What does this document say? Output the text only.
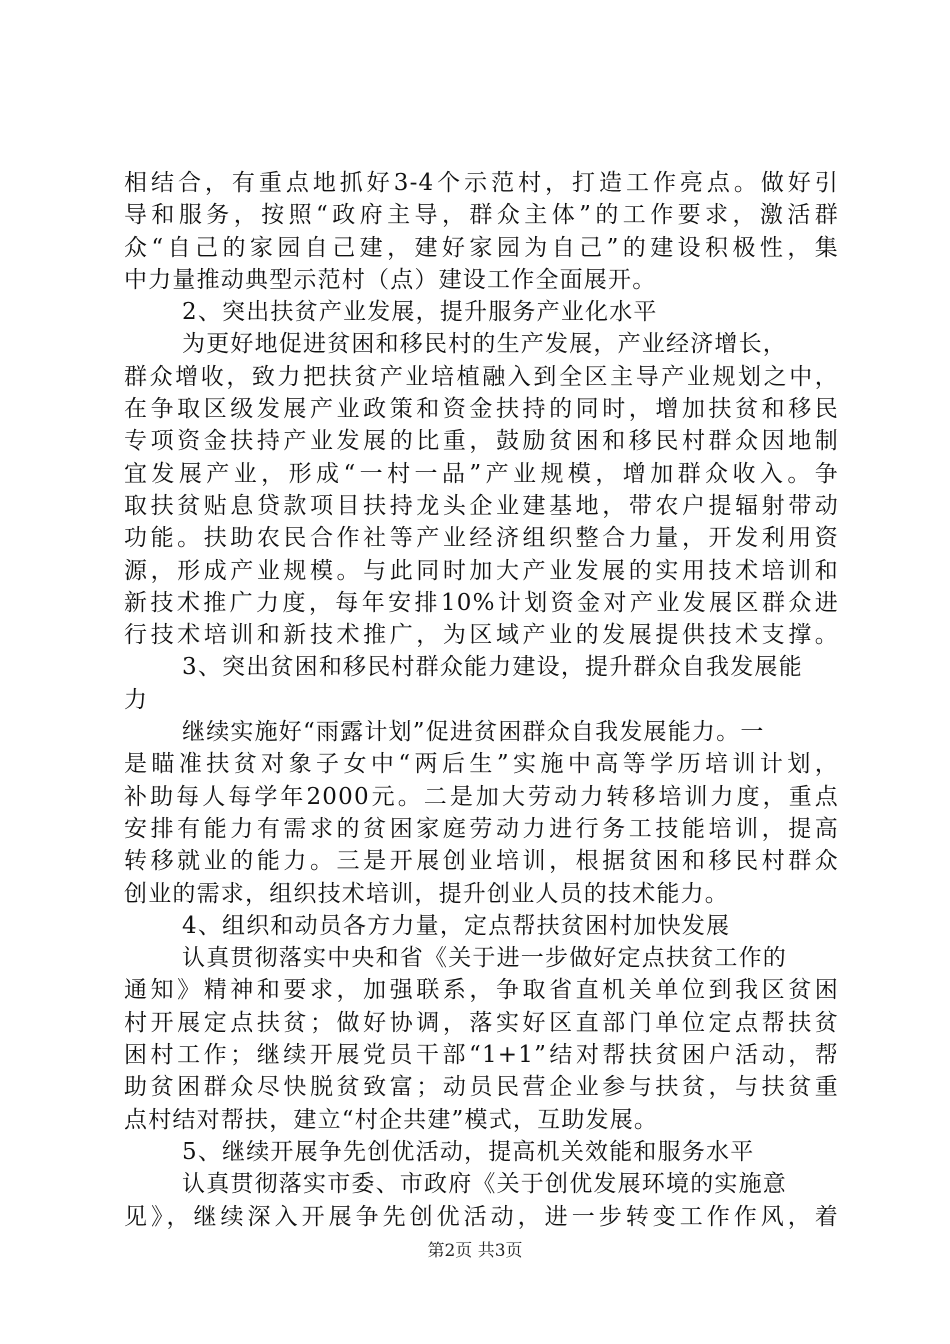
相结合，有重点地抓好3-4个示范村，打造工作亮点。做好引
导和服务，按照“政府主导，群众主体”的工作要求，激活群
众“自己的家园自己建，建好家园为自己”的建设积极性，集
中力量推动典型示范村（点）建设工作全面展开。
2、突出扶贫产业发展，提升服务产业化水平
为更好地促进贫困和移民村的生产发展，产业经济增长，
群众增收，致力把扶贫产业培植融入到全区主导产业规划之中，
在争取区级发展产业政策和资金扶持的同时，增加扶贫和移民
专项资金扶持产业发展的比重，鼓励贫困和移民村群众因地制
宜发展产业，形成“一村一品”产业规模，增加群众收入。争
取扶贫贴息贷款项目扶持龙头企业建基地，带农户提辐射带动
功能。扶助农民合作社等产业经济组织整合力量，开发利用资
源，形成产业规模。与此同时加大产业发展的实用技术培训和
新技术推广力度，每年安排10%计划资金对产业发展区群众进
行技术培训和新技术推广，为区域产业的发展提供技术支撑。
3、突出贫困和移民村群众能力建设，提升群众自我发展能
力
继续实施好“雨露计划”促进贫困群众自我发展能力。一
是瞄准扶贫对象子女中“两后生”实施中高等学历培训计划，
补助每人每学年2000元。二是加大劳动力转移培训力度，重点
安排有能力有需求的贫困家庭劳动力进行务工技能培训，提高
转移就业的能力。三是开展创业培训，根据贫困和移民村群众
创业的需求，组织技术培训，提升创业人员的技术能力。
4、组织和动员各方力量，定点帮扶贫困村加快发展
认真贯彻落实中央和省《关于进一步做好定点扶贫工作的
通知》精神和要求，加强联系，争取省直机关单位到我区贫困
村开展定点扶贫；做好协调，落实好区直部门单位定点帮扶贫
困村工作；继续开展党员干部“1+1”结对帮扶贫困户活动，帮
助贫困群众尽快脱贫致富；动员民营企业参与扶贫，与扶贫重
点村结对帮扶，建立“村企共建”模式，互助发展。
5、继续开展争先创优活动，提高机关效能和服务水平
认真贯彻落实市委、市政府《关于创优发展环境的实施意
见》，继续深入开展争先创优活动，进一步转变工作作风，着
第2页 共3页
